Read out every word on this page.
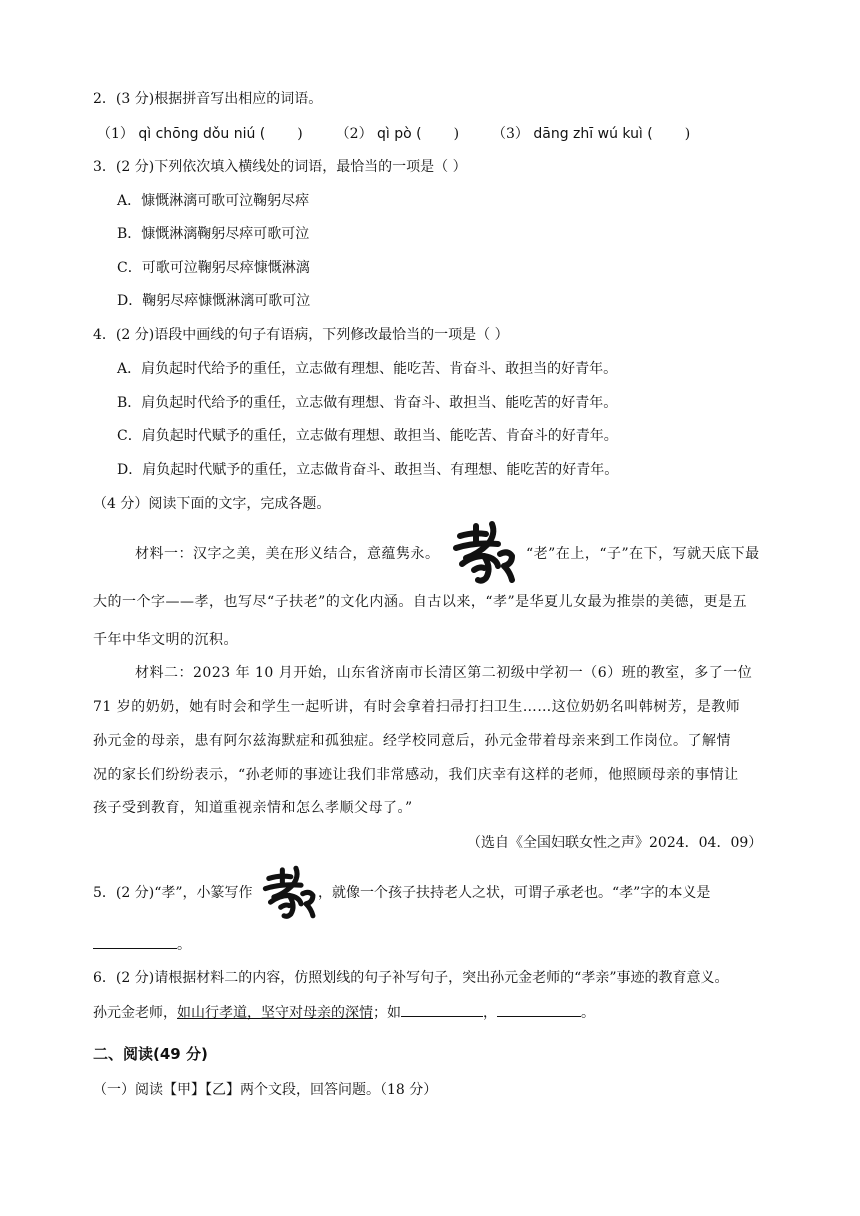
2．(3 分)根据拼音写出相应的词语。
（1） qì chōng dǒu niú ( ) （2） qì pò ( ) （3） dāng zhī wú kuì ( )
3．(2 分)下列依次填入横线处的词语，最恰当的一项是（ ）
A．慷慨淋漓可歌可泣鞠躬尽瘁
B．慷慨淋漓鞠躬尽瘁可歌可泣
C．可歌可泣鞠躬尽瘁慷慨淋漓
D．鞠躬尽瘁慷慨淋漓可歌可泣
4．(2 分)语段中画线的句子有语病，下列修改最恰当的一项是（ ）
A．肩负起时代给予的重任，立志做有理想、能吃苦、肯奋斗、敢担当的好青年。
B．肩负起时代给予的重任，立志做有理想、肯奋斗、敢担当、能吃苦的好青年。
C．肩负起时代赋予的重任，立志做有理想、敢担当、能吃苦、肯奋斗的好青年。
D．肩负起时代赋予的重任，立志做肯奋斗、敢担当、有理想、能吃苦的好青年。
（4 分）阅读下面的文字，完成各题。
材料一：汉字之美，美在形义结合，意蕴隽永。	“老”在上，“子”在下，写就天底下最
大的一个字——孝，也写尽“子扶老”的文化内涵。自古以来，“孝”是华夏儿女最为推崇的美德，更是五
千年中华文明的沉积。
材料二：2023 年 10 月开始，山东省济南市长清区第二初级中学初一（6）班的教室，多了一位
71 岁的奶奶，她有时会和学生一起听讲，有时会拿着扫帚打扫卫生……这位奶奶名叫韩树芳，是教师
孙元金的母亲，患有阿尔兹海默症和孤独症。经学校同意后，孙元金带着母亲来到工作岗位。了解情
况的家长们纷纷表示，“孙老师的事迹让我们非常感动，我们庆幸有这样的老师，他照顾母亲的事情让
孩子受到教育，知道重视亲情和怎么孝顺父母了。”
（选自《全国妇联女性之声》2024．04．09）
5．(2 分)“孝”，小篆写作	，就像一个孩子扶持老人之状，可谓子承老也。“孝”字的本义是
。
6．(2 分)请根据材料二的内容，仿照划线的句子补写句子，突出孙元金老师的“孝亲”事迹的教育意义。
孙元金老师，如山行孝道，坚守对母亲的深情；如	，	。
二、阅读(49 分)
（一）阅读【甲】【乙】两个文段，回答问题。（18 分）
